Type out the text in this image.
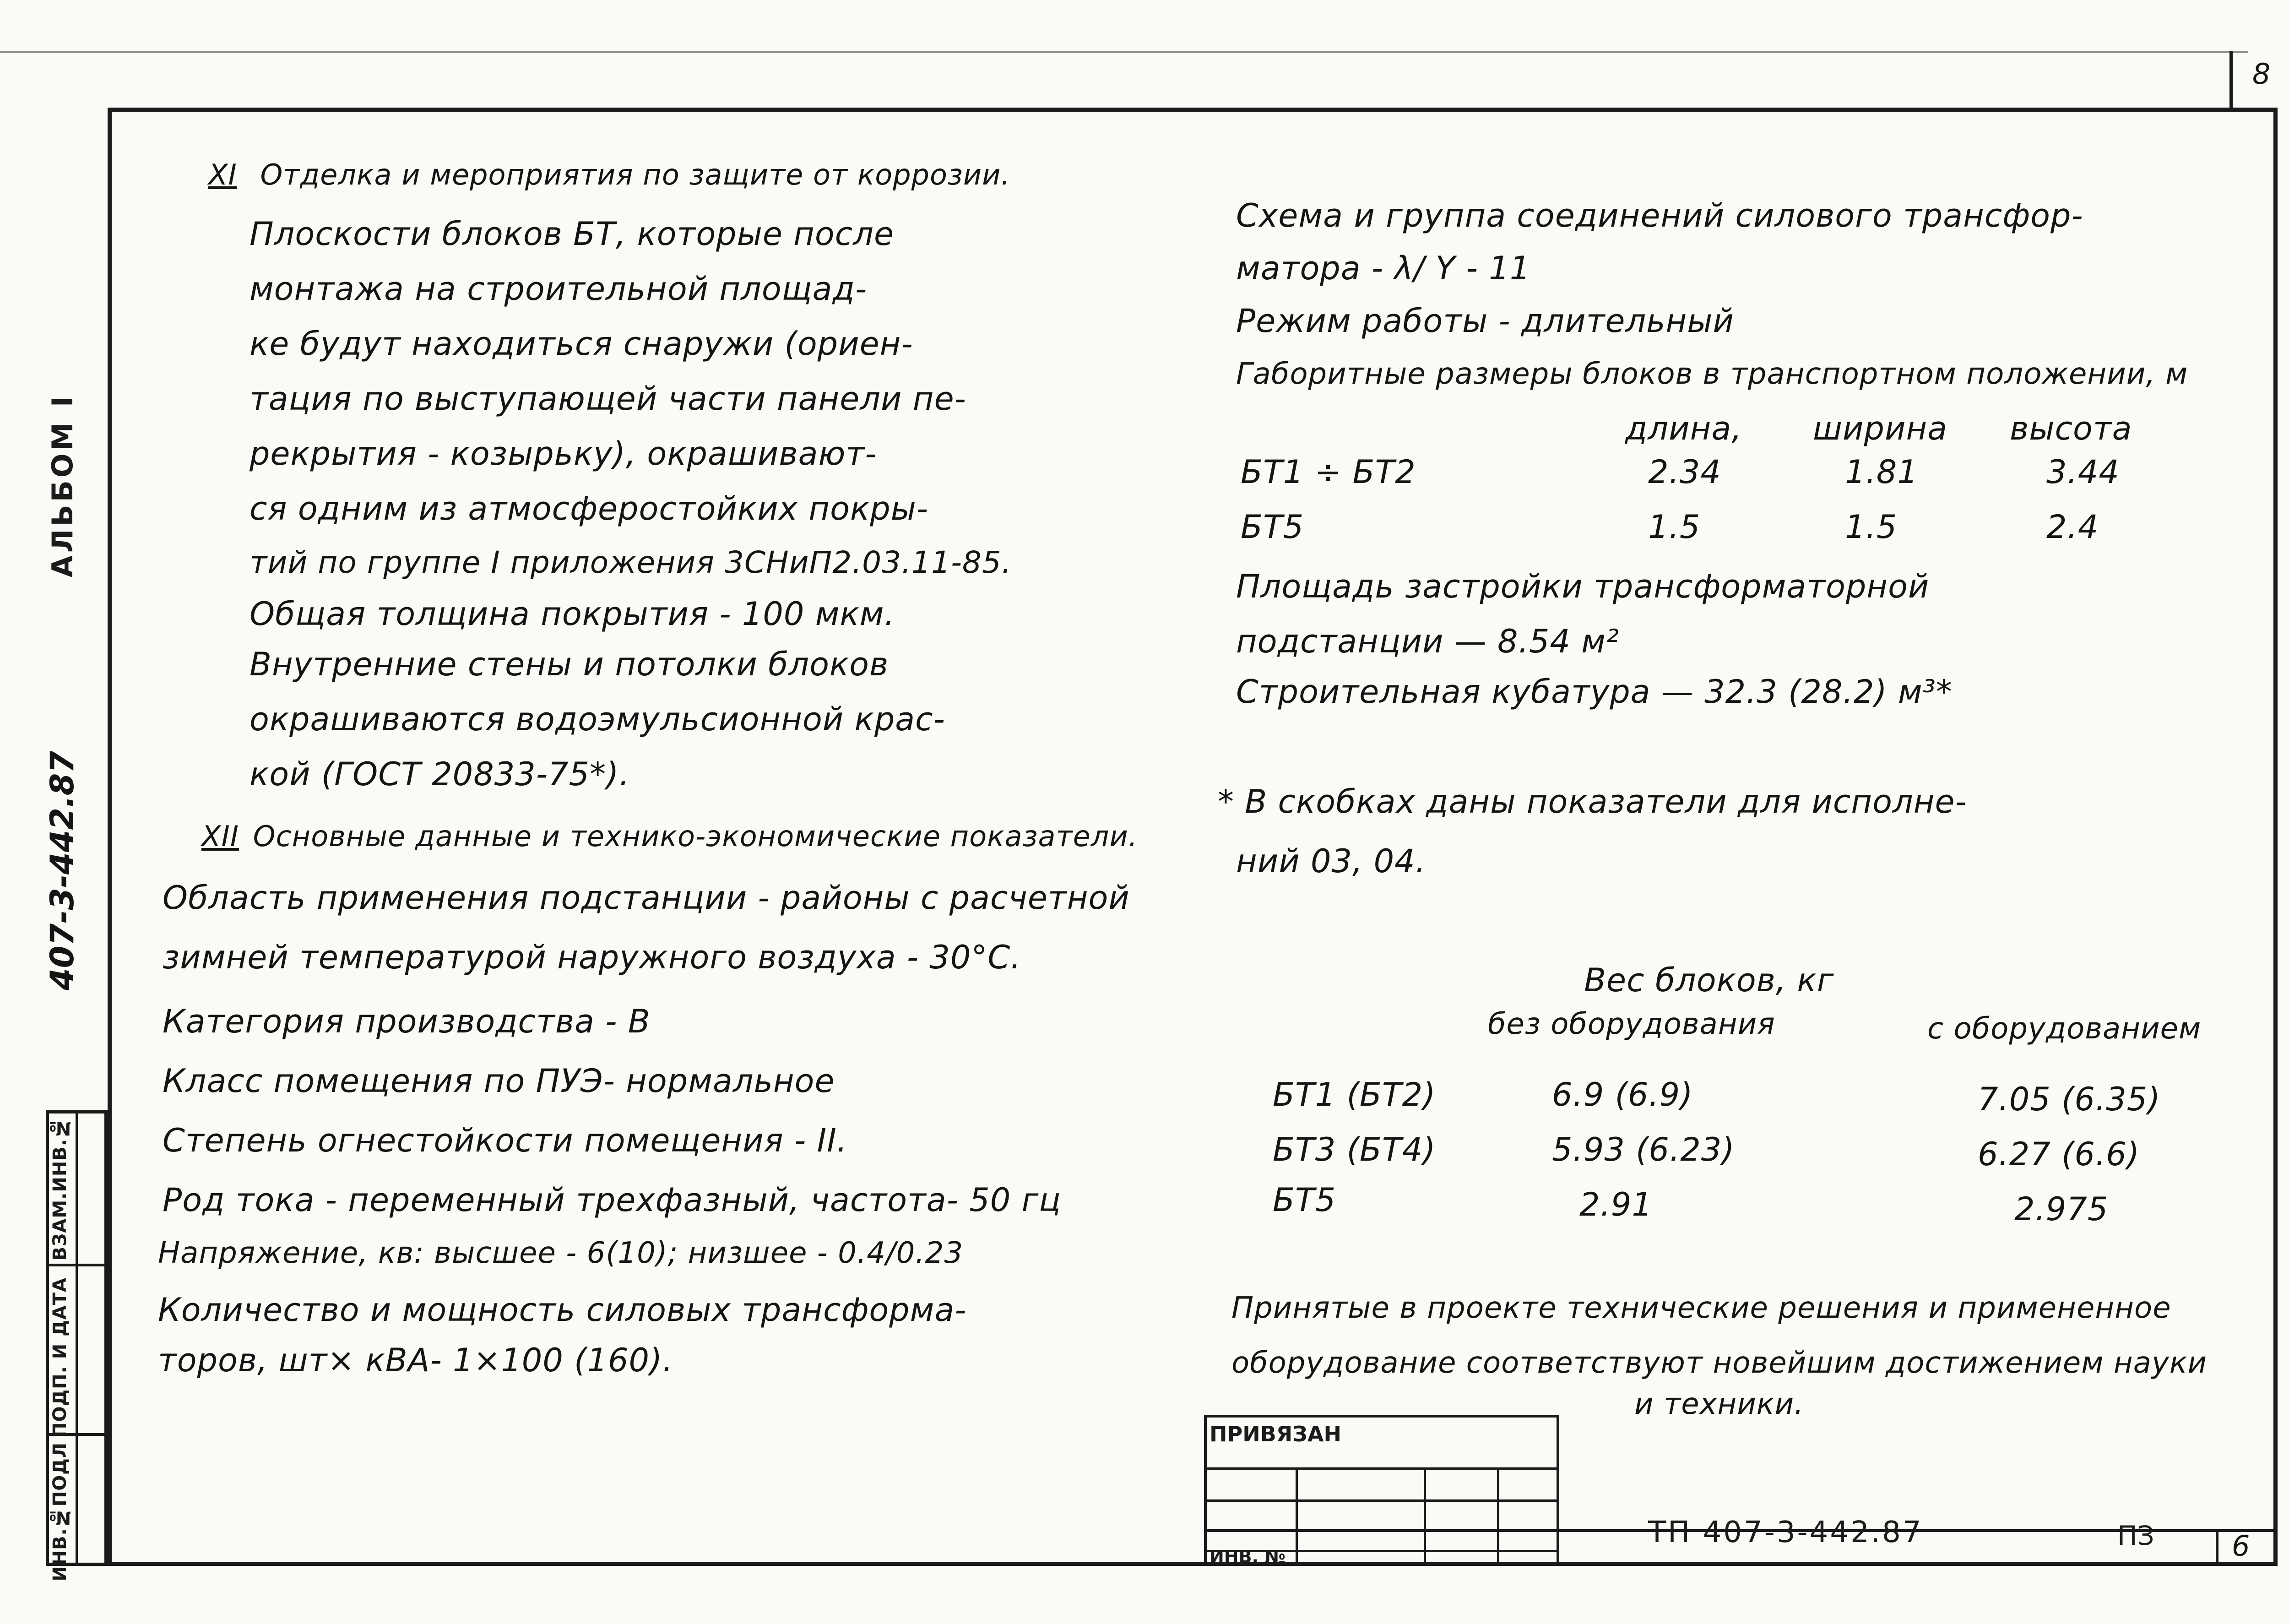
8
АЛЬБОМ I
407-3-442.87
ИНВ.№ПОДЛ
ПОДП. И ДАТА
ВЗАМ.ИНВ.№
XI Отделка и мероприятия по защите от коррозии.
Плоскости блоков БТ, которые после
монтажа на строительной площад-
ке будут находиться снаружи (ориен-
тация по выступающей части панели пе-
рекрытия - козырьку), окрашивают-
ся одним из атмосферостойких покры-
тий по группе I приложения 3СНиП2.03.11-85.
Общая толщина покрытия - 100 мкм.
Внутренние стены и потолки блоков
окрашиваются водоэмульсионной крас-
кой (ГОСТ 20833-75*).
XII Основные данные и технико-экономические показатели.
Область применения подстанции - районы с расчетной
зимней температурой наружного воздуха - 30°С.
Категория производства - В
Класс помещения по ПУЭ- нормальное
Степень огнестойкости помещения - II.
Род тока - переменный трехфазный, частота- 50 гц
Напряжение, кв: высшее - 6(10); низшее - 0.4/0.23
Количество и мощность силовых трансформа-
торов, шт× кВА- 1×100 (160).
Схема и группа соединений силового трансфор-
матора - λ/ Y - 11
Режим работы - длительный
Габоритные размеры блоков в транспортном положении, м
длина, ширина высота
БТ1 ÷ БТ2	2.34	1.81	3.44
БТ5	1.5	1.5	2.4
Площадь застройки трансформаторной
подстанции — 8.54 м²
Строительная кубатура — 32.3 (28.2) м³*
* В скобках даны показатели для исполне-
ний 03, 04.
Вес блоков, кг
без оборудования	с оборудованием
БТ1 (БТ2)	6.9 (6.9)	7.05 (6.35)
БТ3 (БТ4)	5.93 (6.23)	6.27 (6.6)
БТ5	2.91	2.975
Принятые в проекте технические решения и примененное
оборудование соответствуют новейшим достижением науки
и техники.
ПРИВЯЗАН
ИНВ. №
ТП 407-3-442.87	ПЗ	6
